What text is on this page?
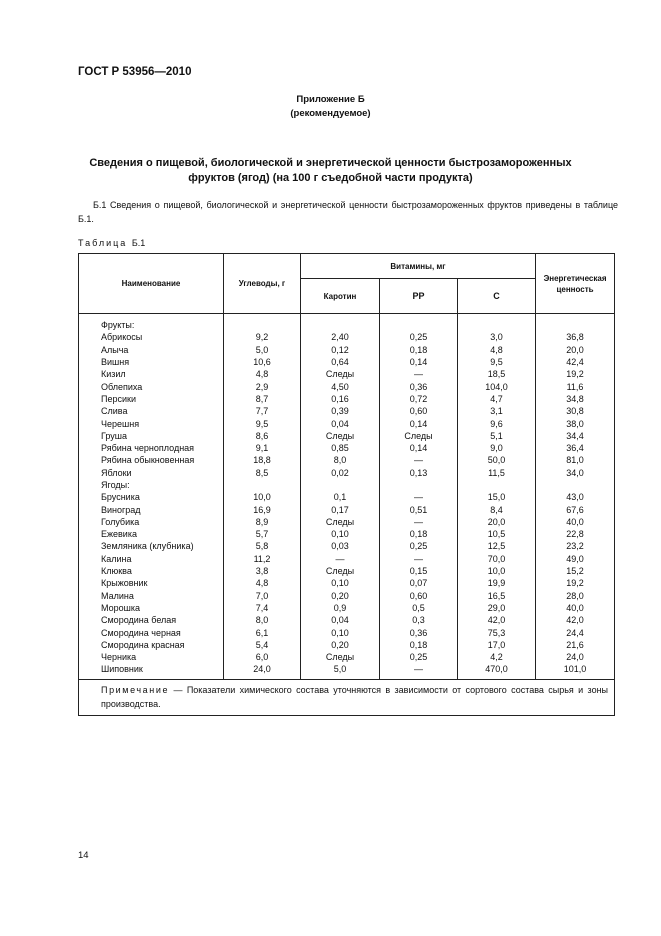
ГОСТ Р 53956—2010
Приложение Б
(рекомендуемое)
Сведения о пищевой, биологической и энергетической ценности быстрозамороженных фруктов (ягод) (на 100 г съедобной части продукта)
Б.1 Сведения о пищевой, биологической и энергетической ценности быстрозамороженных фруктов приведены в таблице Б.1.
Таблица Б.1
Наименование	Углеводы, г	Витамины, мг			Энергетическая ценность
		Каротин	РР	С	
Фрукты:					
Абрикосы	9,2	2,40	0,25	3,0	36,8
Алыча	5,0	0,12	0,18	4,8	20,0
Вишня	10,6	0,64	0,14	9,5	42,4
Кизил	4,8	Следы	—	18,5	19,2
Облепиха	2,9	4,50	0,36	104,0	11,6
Персики	8,7	0,16	0,72	4,7	34,8
Слива	7,7	0,39	0,60	3,1	30,8
Черешня	9,5	0,04	0,14	9,6	38,0
Груша	8,6	Следы	Следы	5,1	34,4
Рябина черноплодная	9,1	0,85	0,14	9,0	36,4
Рябина обыкновенная	18,8	8,0	—	50,0	81,0
Яблоки	8,5	0,02	0,13	11,5	34,0
Ягоды:					
Брусника	10,0	0,1	—	15,0	43,0
Виноград	16,9	0,17	0,51	8,4	67,6
Голубика	8,9	Следы	—	20,0	40,0
Ежевика	5,7	0,10	0,18	10,5	22,8
Земляника (клубника)	5,8	0,03	0,25	12,5	23,2
Калина	11,2	—	—	70,0	49,0
Клюква	3,8	Следы	0,15	10,0	15,2
Крыжовник	4,8	0,10	0,07	19,9	19,2
Малина	7,0	0,20	0,60	16,5	28,0
Морошка	7,4	0,9	0,5	29,0	40,0
Смородина белая	8,0	0,04	0,3	42,0	42,0
Смородина черная	6,1	0,10	0,36	75,3	24,4
Смородина красная	5,4	0,20	0,18	17,0	21,6
Черника	6,0	Следы	0,25	4,2	24,0
Шиповник	24,0	5,0	—	470,0	101,0
Примечание — Показатели химического состава уточняются в зависимости от сортового состава сырья и зоны производства.					
14
